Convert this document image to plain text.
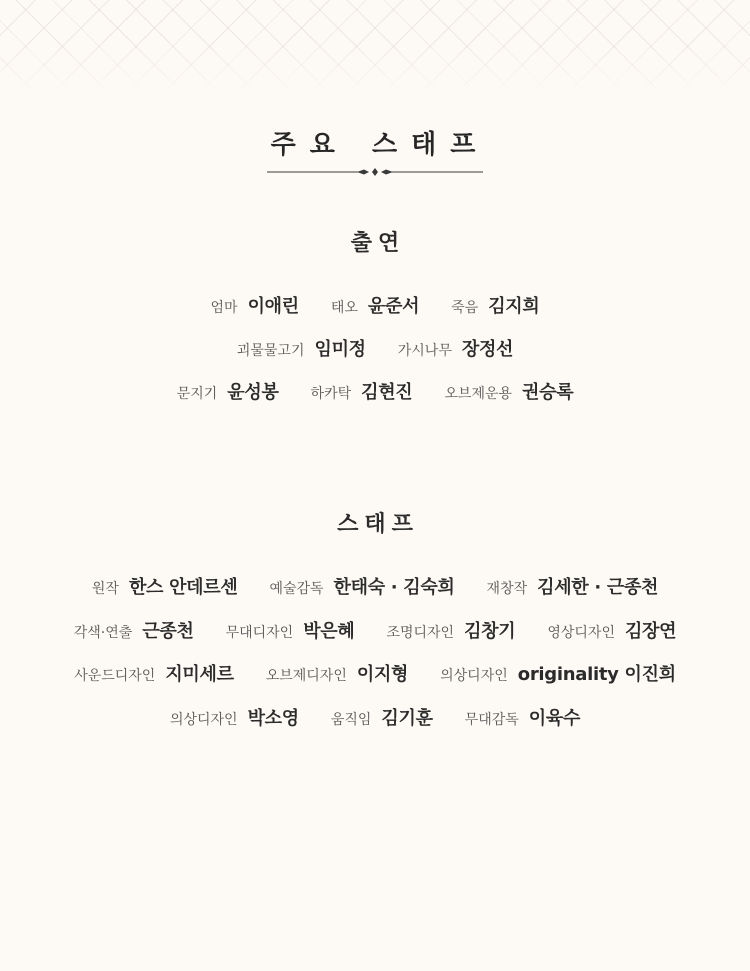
주요 스태프
출연
엄마 이애린 태오 윤준서 죽음 김지희
괴물물고기 임미정 가시나무 장정선
문지기 윤성봉 하카탁 김현진 오브제운용 권승록
스태프
원작 한스 안데르센 예술감독 한태숙 · 김숙희 재창작 김세한 · 근종천
각색·연출 근종천 무대디자인 박은혜 조명디자인 김창기 영상디자인 김장연
사운드디자인 지미세르 오브제디자인 이지형 의상디자인 originality 이진희
의상디자인 박소영 움직임 김기훈 무대감독 이육수
